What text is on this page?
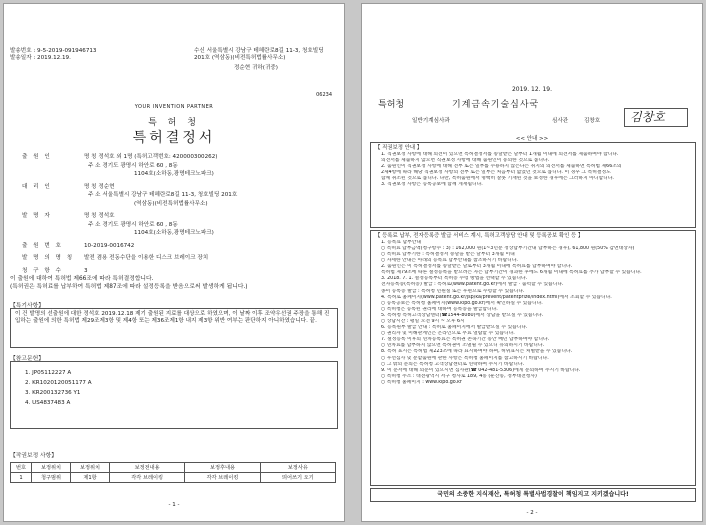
발송번호 : 9-5-2019-091946713
발송일자 : 2019.12.19.
수신 서울특별시 강남구 테헤란로8길 11-3, 청호빌딩 201호 (역삼동)(비전특허법률사무소)
정순현 귀하(귀중)
06234
YOUR INVENTION PARTNER
특 허 청
특허결정서
출 원 인	명 칭 정석호 외 1명 (특허고객번호: 420000300262)
주 소 경기도 광명시 하안로 60 , 8동
1104호(소하동,광명테크노파크)
대 리 인	명 칭 정순현
주 소 서울특별시 강남구 테헤란로8길 11-3, 청호빌딩 201호
(역삼동)(비전특허법률사무소)
발 명 자	명 칭 정석호
주 소 경기도 광명시 하안로 60 , 8동
1104호(소하동,광명테크노파크)
출 원 번 호	10-2019-0016742
발 명 의 명 칭 발전 겸용 전동수단을 이용한 디스크 브레이크 장치
청 구 항 수	3
이 출원에 대하여 특허법 제66조에 따라 특허결정합니다.
(특허권은 특허료를 납부하여 특허법 제87조에 따라 설정등록을 받음으로써 발생하게 됩니다.)
【특기사항】

이 건 발명의 선출원에 대한 정석호 2019.12.18 제기 출원된 지료를 대상으로 하였으며, 이 날짜 이후 조약우선권 주장을 통해 진입하는 출원에 의한 특허법 제29조제3항 및 제4항 또는 제36조제1항 내지 제3항 위반 여부는 판단하지 아니하였습니다. 끝.

【참고문헌】
1. JP05112227 A
2. KR1020120051177 A
3. KR200132736 Y1
4. US4837483 A
【작권보정 사항】
번호	보정위치	보정위치	보정전내용	보정후내용	보정사유
1	청구범위	제1항	각각 브레이킹	각각 브레이킹	띄어쓰기 오기
- 1 -
2019. 12. 19.
특허청	기계금속기술심사국
일반기계심사과	심사관	김창호 김창호
<< 안내 >>
【 직권보정 안내 】
1. 직권보정 사항에 대해 의견이 있으면 특허결정서를 송달받은 날부터 1개월 이내에 의견서를 제출하여야 합니다.
의견서를 제출하지 않으면 직권보정 사항에 대해 출원인이 동의한 것으로 봅니다.
2. 출원인이 직권보정 사항에 대해 전부 또는 일부를 수용하지 않는다는 취지의 의견서를 제출하면 특허법 제66조의
2제4항에 따라 해당 직권보정 사항의 전부 또는 일부는 처음부터 없었던 것으로 봅니다. 이 경우 그 특허결정도
함께 취소된 것으로 봅니다. 다만, 특허출원에서 명백히 잘못 기재된 것을 보정한 경우에는 그러하지 아니합니다.
3. 직권보정 사항은 등록공보에 함께 게재됩니다.
【 등록료 납부, 전자등록증 발급 서비스 계시, 특허고객상담 안내 및 등록공보 확인 등 】
1. 등록료 납부안내
○ 특허료 납부금액(청구항수 : 3) : 162,000 원(1~3년분 정상납부기간내 납부하는 경우), 61,800 원(50% 감면대상자)
○ 특허료 납부기한 : 특허결정서 송달을 받은 날부터 3개월 이내
○ 자세한 안내는 아래의 등록료 납부안내를 참조하시기 바랍니다.
2. 출원인은 이 특허결정서를 송달받은 날로부터 3개월 이내에 특허료를 납부하여야 합니다.
특허법 제79조에 따른 설정등록을 받으려는 자는 납부기간이 경과한 후에도 6개월 이내에 특허료를 추가 납부할 수 있습니다.
3. 2018. 7. 1. 설정등록부터 특허증 수령 방법을 선택할 수 있습니다.
전자등록증(특허증) 발급 : 특허로(www.patent.go.kr)에서 발급 · 출력할 수 있습니다.
종이 등록증 발급 : 특허청 민원실 또는 우편으로 수령할 수 있습니다.
4. 특허로 홈페이지(www.patent.go.kr/jsp/ka/prevent/patentprize/index.html)에서 조회할 수 있습니다.
○ 등록공보는 특허청 홈페이지(www.kipo.go.kr)에서 확인하실 수 있습니다.
○ 특허청은 등록된 권리에 대하여 등록증을 발급합니다.
5. 특허청 특허고객상담센터(☎1544-8080)에서 상담을 받으실 수 있습니다.
○ 상담시간 : 평일 오전 9시 ~ 오후 6시
6. 등록원부 발급 안내 : 특허로 홈페이지에서 발급받으실 수 있습니다.
○ 권리자 및 이해관계인은 온라인으로 무료 열람할 수 있습니다.
7. 설정등록 이후의 연차등록료는 특허권 존속기간 동안 매년 납부하여야 합니다.
○ 연차료를 납부하지 않으면 특허권이 소멸될 수 있으니 유의하시기 바랍니다.
8. 특허 표시는 특허법 제223조에 따라 표시하여야 하며, 허위표시는 처벌받을 수 있습니다.
○ 우선심사 및 분할출원에 관한 사항은 특허청 홈페이지를 참고하시기 바랍니다.
○ 그 밖의 문의는 특허청 고객상담센터로 연락하여 주시기 바랍니다.
9. 이 문서에 대해 의문이 있으시면 심사관(☎ 042-481-5306)에게 문의하여 주시기 바랍니다.
○ 특허청 주소 : 대전광역시 서구 청사로 189, 4동 (둔산동, 정부대전청사)
○ 특허청 홈페이지 : www.kipo.go.kr
국민의 소중한 지식재산, 특허청 특별사법경찰이 책임지고 지키겠습니다!
- 2 -
